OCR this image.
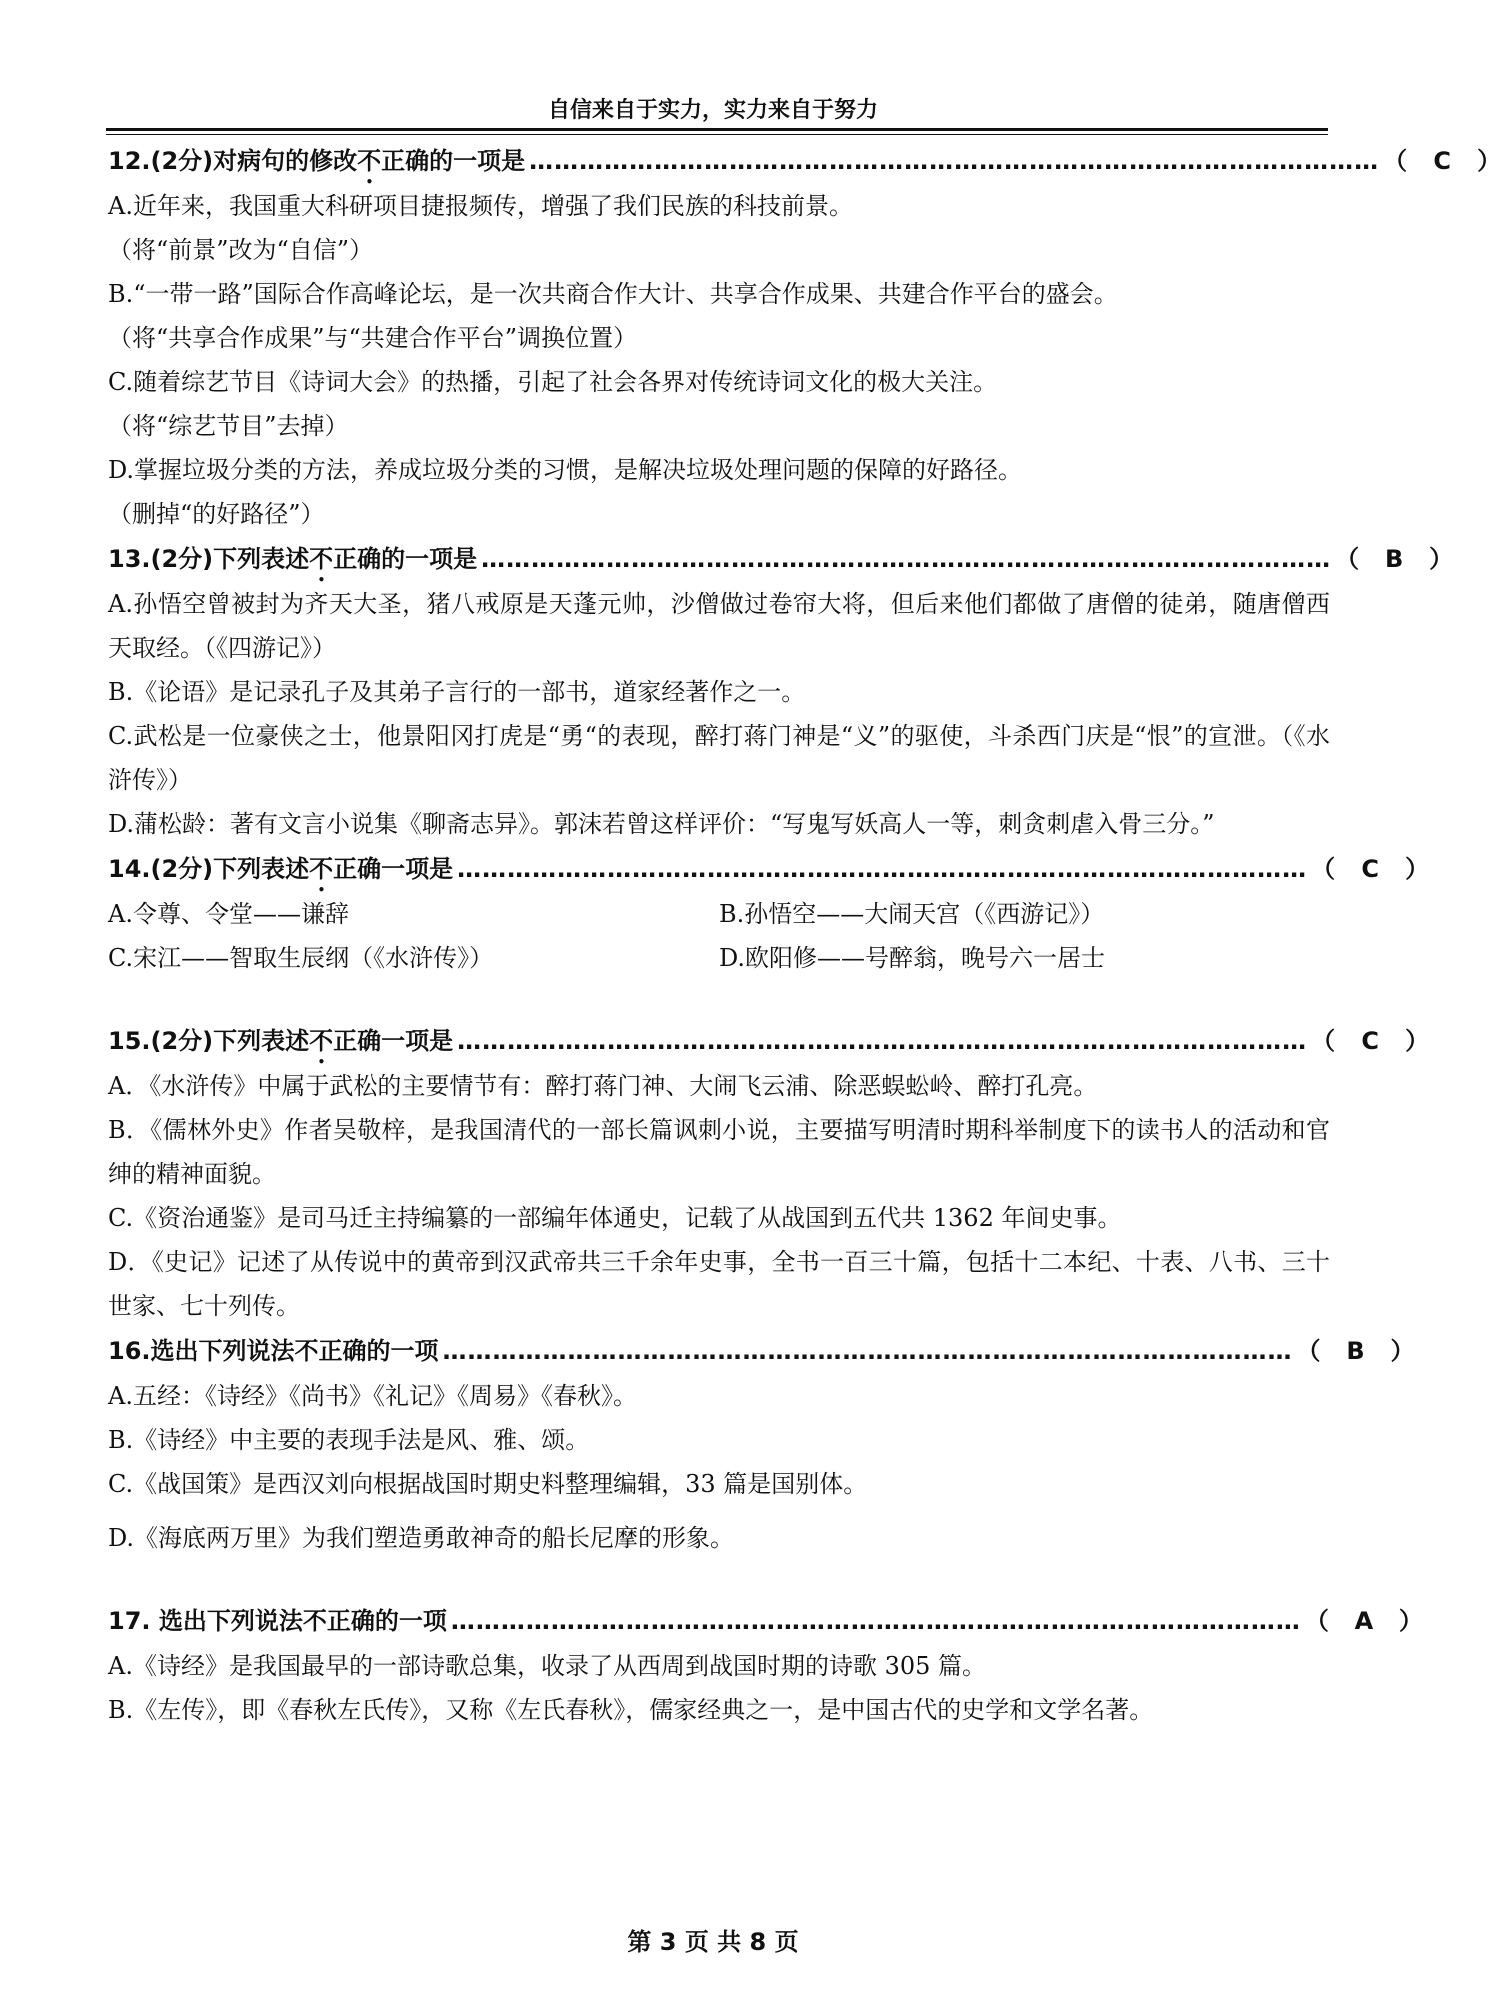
自信来自于实力，实力来自于努力
12.(2分)对病句的修改不正确的一项是 ………………………………………………………………………………………… （ C ）
A.近年来，我国重大科研项目捷报频传，增强了我们民族的科技前景。
（将“前景”改为“自信”）
B.“一带一路”国际合作高峰论坛，是一次共商合作大计、共享合作成果、共建合作平台的盛会。
（将“共享合作成果”与“共建合作平台”调换位置）
C.随着综艺节目《诗词大会》的热播，引起了社会各界对传统诗词文化的极大关注。
（将“综艺节目”去掉）
D.掌握垃圾分类的方法，养成垃圾分类的习惯，是解决垃圾处理问题的保障的好路径。
（删掉“的好路径”）
13.(2分)下列表述不正确的一项是 ………………………………………………………………………………………… （ B ）
A.孙悟空曾被封为齐天大圣，猪八戒原是天蓬元帅，沙僧做过卷帘大将，但后来他们都做了唐僧的徒弟，随唐僧西天取经。（《四游记》）
B.《论语》是记录孔子及其弟子言行的一部书，道家经著作之一。
C.武松是一位豪侠之士，他景阳冈打虎是“勇“的表现，醉打蒋门神是“义”的驱使，斗杀西门庆是“恨”的宣泄。（《水浒传》）
D.蒲松龄：著有文言小说集《聊斋志异》。郭沫若曾这样评价：“写鬼写妖高人一等，刺贪刺虐入骨三分。”
14.(2分)下列表述不正确一项是 ………………………………………………………………………………………… （ C ）
A.令尊、令堂——谦辞	B.孙悟空——大闹天宫（《西游记》）
C.宋江——智取生辰纲（《水浒传》）	D.欧阳修——号醉翁，晚号六一居士
15.(2分)下列表述不正确一项是 ………………………………………………………………………………………… （ C ）
A．《水浒传》中属于武松的主要情节有：醉打蒋门神、大闹飞云浦、除恶蜈蚣岭、醉打孔亮。
B．《儒林外史》作者吴敬梓，是我国清代的一部长篇讽刺小说，主要描写明清时期科举制度下的读书人的活动和官绅的精神面貌。
C.《资治通鉴》是司马迁主持编纂的一部编年体通史，记载了从战国到五代共 1362 年间史事。
D．《史记》记述了从传说中的黄帝到汉武帝共三千余年史事，全书一百三十篇，包括十二本纪、十表、八书、三十世家、七十列传。
16.选出下列说法不正确的一项 ………………………………………………………………………………………… （ B ）
A.五经：《诗经》《尚书》《礼记》《周易》《春秋》。
B.《诗经》中主要的表现手法是风、雅、颂。
C.《战国策》是西汉刘向根据战国时期史料整理编辑，33 篇是国别体。
D.《海底两万里》为我们塑造勇敢神奇的船长尼摩的形象。
17. 选出下列说法不正确的一项 ………………………………………………………………………………………… （ A ）
A.《诗经》是我国最早的一部诗歌总集，收录了从西周到战国时期的诗歌 305 篇。
B.《左传》，即《春秋左氏传》，又称《左氏春秋》，儒家经典之一，是中国古代的史学和文学名著。
第 3 页 共 8 页
